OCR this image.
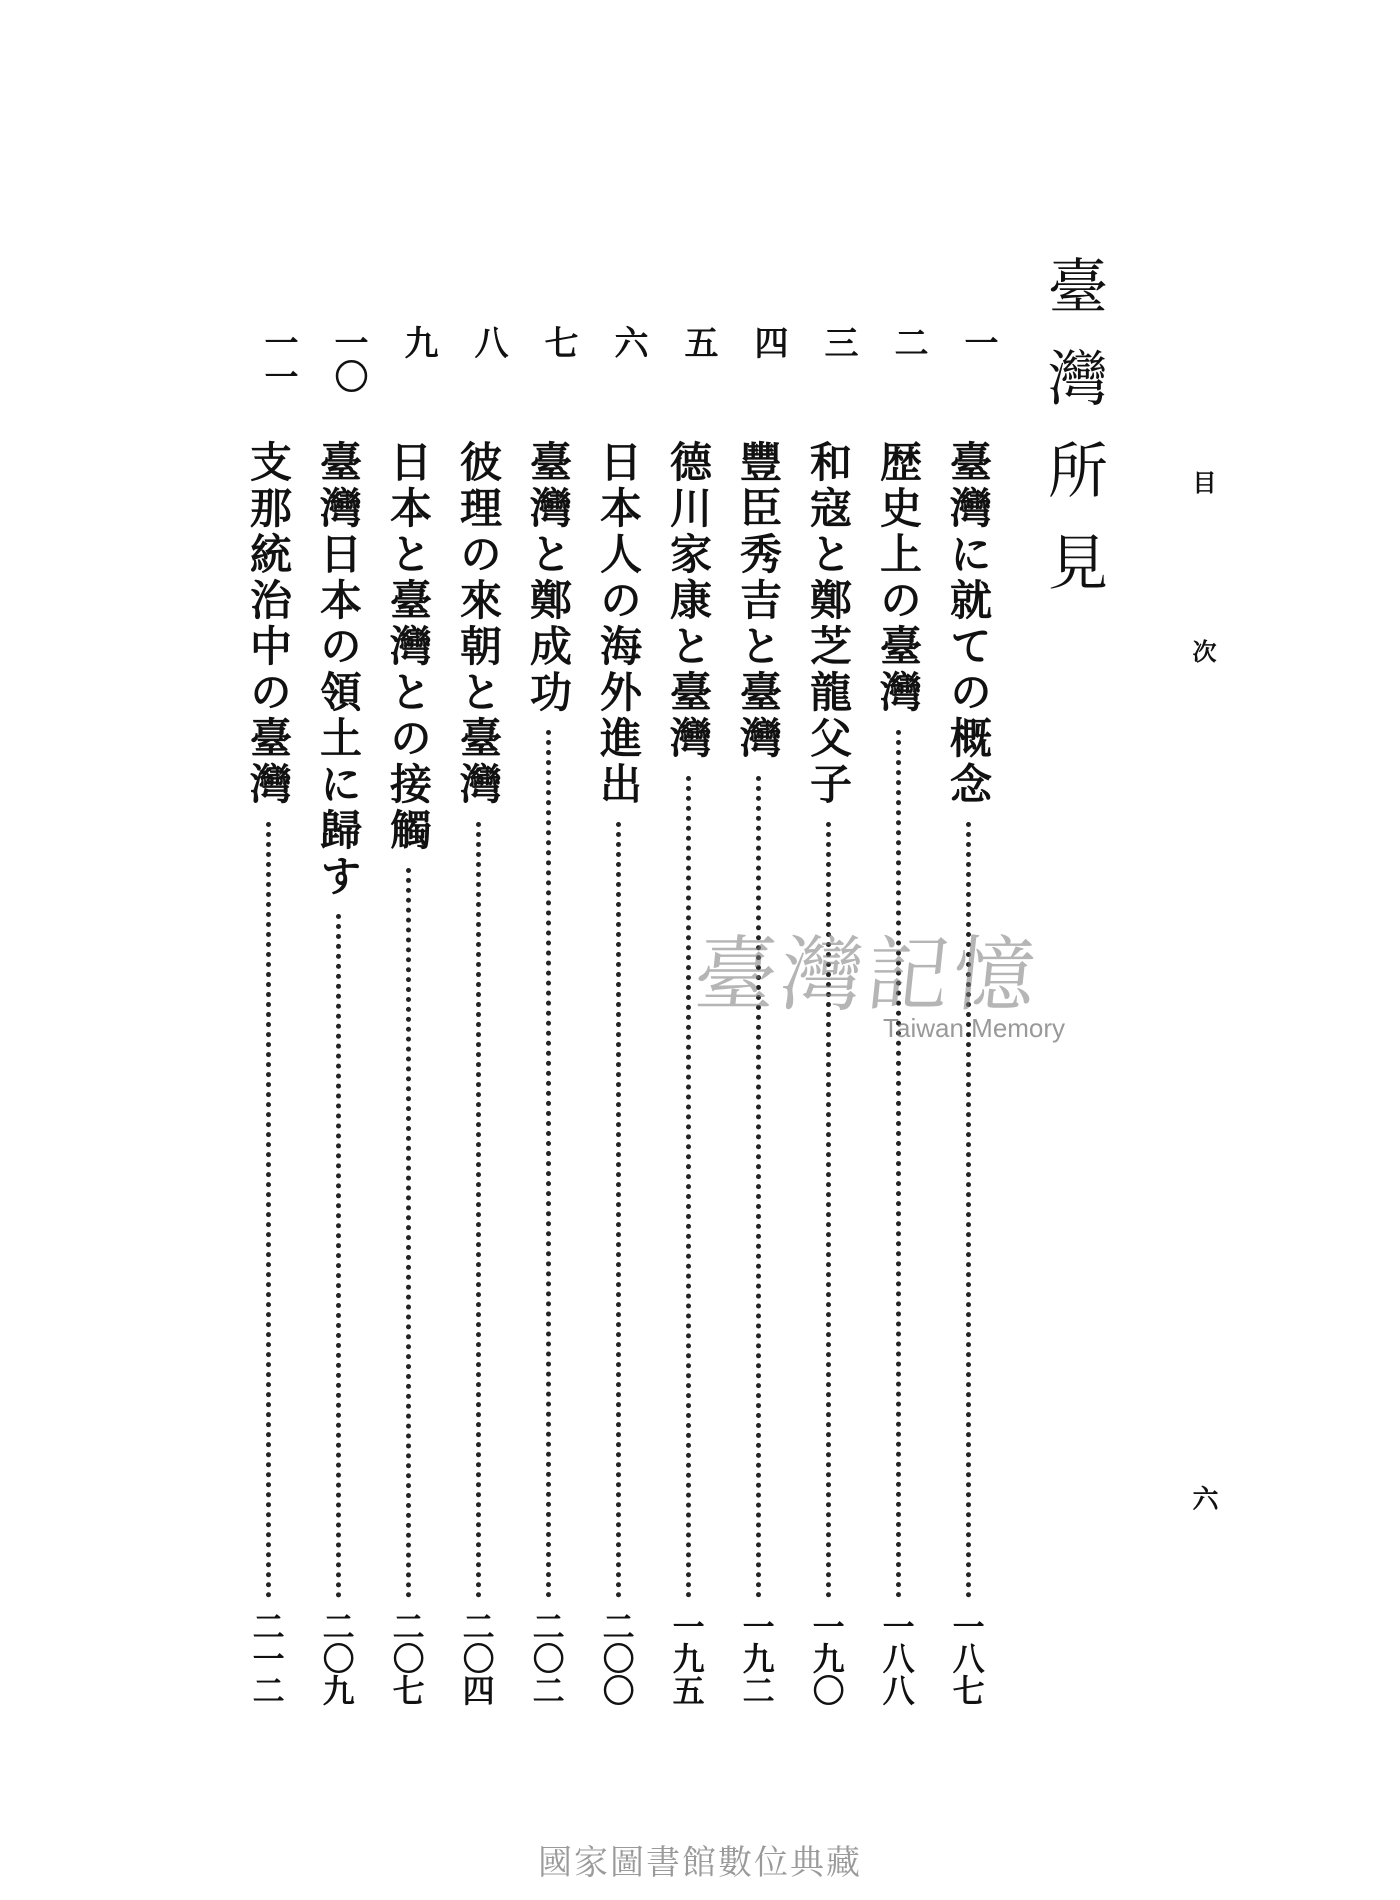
目 次
六
臺灣所見
一
臺灣に就ての概念
一八七
二
歴史上の臺灣
一八八
三
和寇と鄭芝龍父子
一九〇
四
豐臣秀吉と臺灣
一九二
五
德川家康と臺灣
一九五
六
日本人の海外進出
二〇〇
七
臺灣と鄭成功
二〇二
八
彼理の來朝と臺灣
二〇四
九
日本と臺灣との接觸
二〇七
一〇
臺灣日本の領土に歸す
二〇九
一一
支那統治中の臺灣
二一二
臺灣記憶
Taiwan Memory
國家圖書館數位典藏
